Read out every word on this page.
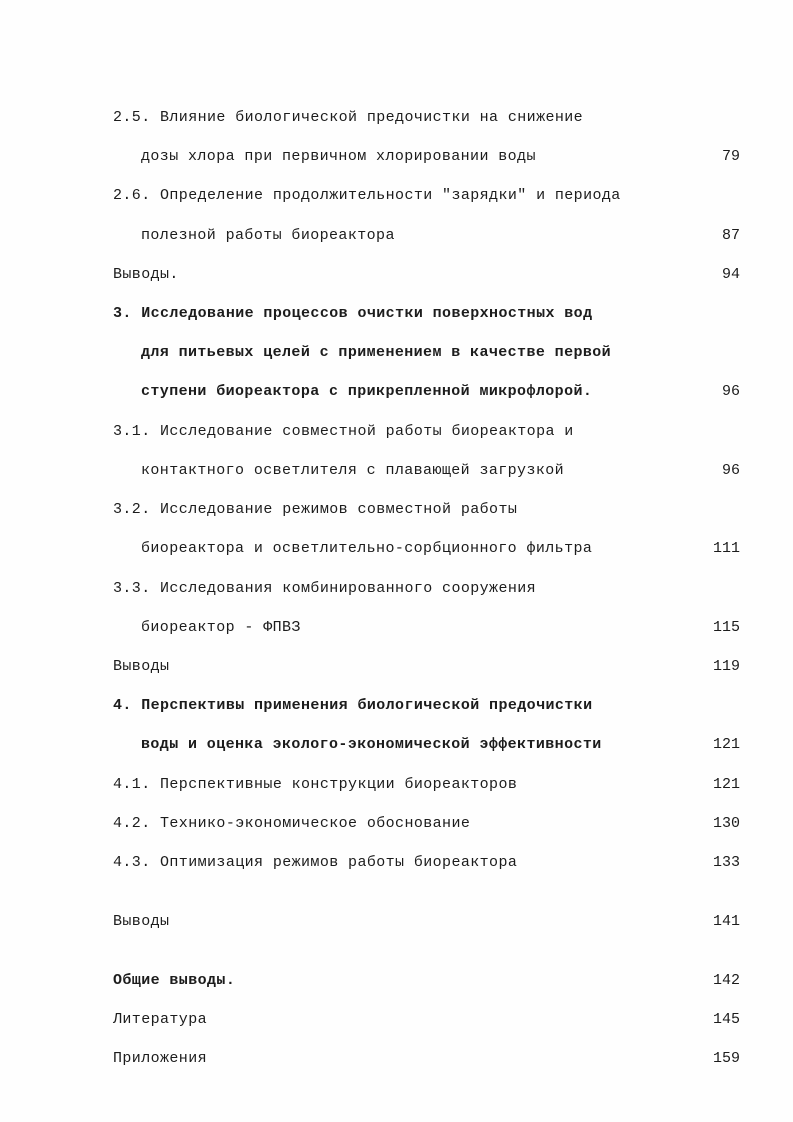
2.5. Влияние биологической предочистки на снижение
дозы хлора при первичном хлорировании воды	79
2.6. Определение продолжительности "зарядки" и периода
полезной работы биореактора	87
Выводы.	94
3. Исследование процессов очистки поверхностных вод
для питьевых целей с применением в качестве первой
ступени биореактора с прикрепленной микрофлорой.	96
3.1. Исследование совместной работы биореактора и
контактного осветлителя с плавающей загрузкой	96
3.2. Исследование режимов совместной работы
биореактора и осветлительно-сорбционного фильтра	111
3.3. Исследования комбинированного сооружения
биореактор - ФПВЗ	115
Выводы	119
4. Перспективы применения биологической предочистки
воды и оценка эколого-экономической эффективности	121
4.1. Перспективные конструкции биореакторов	121
4.2. Технико-экономическое обоснование	130
4.3. Оптимизация режимов работы биореактора	133
Выводы	141
Общие выводы.	142
Литература	145
Приложения	159
